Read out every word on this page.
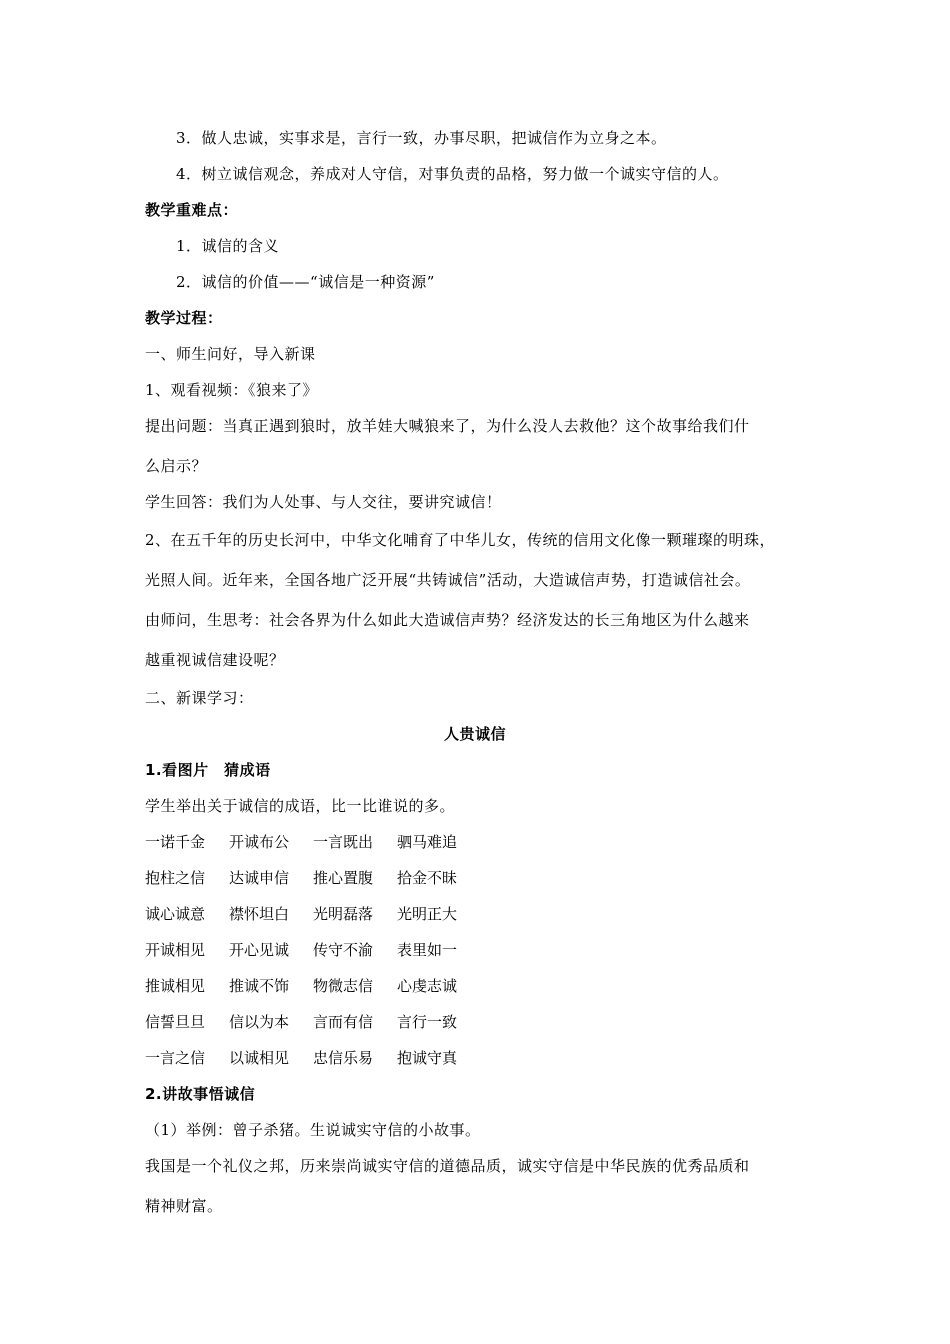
3．做人忠诚，实事求是，言行一致，办事尽职，把诚信作为立身之本。
4．树立诚信观念，养成对人守信，对事负责的品格，努力做一个诚实守信的人。
教学重难点：
1．诚信的含义
2．诚信的价值——“诚信是一种资源”
教学过程：
一、师生问好，导入新课
1、观看视频：《狼来了》
提出问题：当真正遇到狼时，放羊娃大喊狼来了，为什么没人去救他？这个故事给我们什
么启示？
学生回答：我们为人处事、与人交往，要讲究诚信！
2、在五千年的历史长河中，中华文化哺育了中华儿女，传统的信用文化像一颗璀璨的明珠，
光照人间。近年来，全国各地广泛开展“共铸诚信”活动，大造诚信声势，打造诚信社会。
由师问，生思考：社会各界为什么如此大造诚信声势？经济发达的长三角地区为什么越来
越重视诚信建设呢？
二、新课学习：
人贵诚信
1.看图片　猜成语
学生举出关于诚信的成语，比一比谁说的多。
一诺千金 开诚布公 一言既出 驷马难追
抱柱之信 达诚申信 推心置腹 拾金不昧
诚心诚意 襟怀坦白 光明磊落 光明正大
开诚相见 开心见诚 传守不渝 表里如一
推诚相见 推诚不饰 物微志信 心虔志诚
信誓旦旦 信以为本 言而有信 言行一致
一言之信 以诚相见 忠信乐易 抱诚守真
2.讲故事悟诚信
（1）举例：曾子杀猪。生说诚实守信的小故事。
我国是一个礼仪之邦，历来崇尚诚实守信的道德品质，诚实守信是中华民族的优秀品质和
精神财富。
